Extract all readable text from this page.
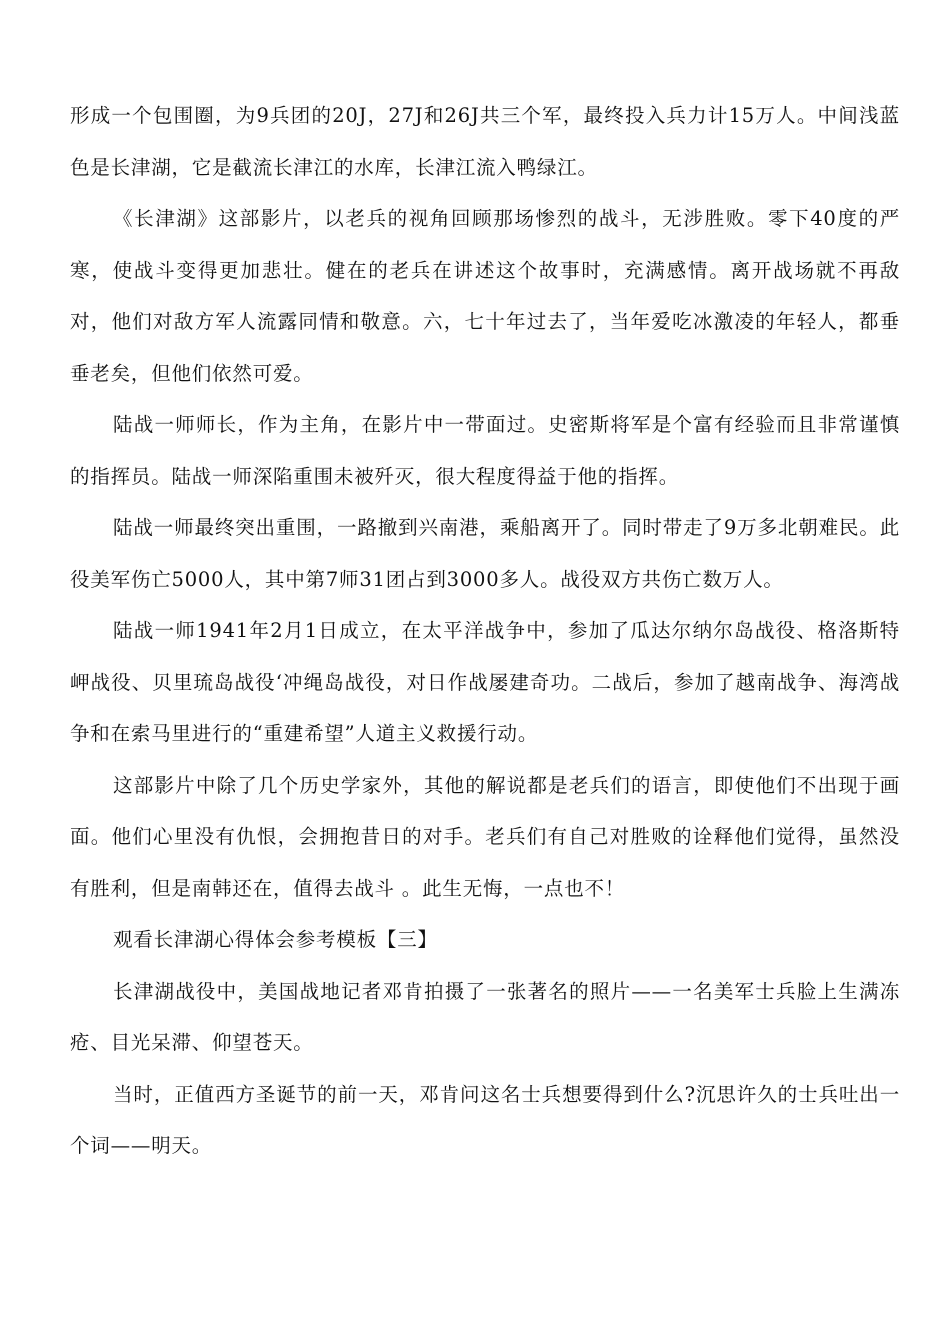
形成一个包围圈，为9兵团的20J，27J和26J共三个军，最终投入兵力计15万人。中间浅蓝色是长津湖，它是截流长津江的水库，长津江流入鸭绿江。

《长津湖》这部影片，以老兵的视角回顾那场惨烈的战斗，无涉胜败。零下40度的严寒，使战斗变得更加悲壮。健在的老兵在讲述这个故事时，充满感情。离开战场就不再敌对，他们对敌方军人流露同情和敬意。六，七十年过去了，当年爱吃冰激凌的年轻人，都垂垂老矣，但他们依然可爱。

陆战一师师长，作为主角，在影片中一带面过。史密斯将军是个富有经验而且非常谨慎的指挥员。陆战一师深陷重围未被歼灭，很大程度得益于他的指挥。

陆战一师最终突出重围，一路撤到兴南港，乘船离开了。同时带走了9万多北朝难民。此役美军伤亡5000人，其中第7师31团占到3000多人。战役双方共伤亡数万人。

陆战一师1941年2月1日成立，在太平洋战争中，参加了瓜达尔纳尔岛战役、格洛斯特岬战役、贝里琉岛战役‘冲绳岛战役，对日作战屡建奇功。二战后，参加了越南战争、海湾战争和在索马里进行的“重建希望”人道主义救援行动。

这部影片中除了几个历史学家外，其他的解说都是老兵们的语言，即使他们不出现于画面。他们心里没有仇恨，会拥抱昔日的对手。老兵们有自己对胜败的诠释他们觉得，虽然没有胜利，但是南韩还在，值得去战斗 。此生无悔，一点也不！

观看长津湖心得体会参考模板【三】

长津湖战役中，美国战地记者邓肯拍摄了一张著名的照片——一名美军士兵脸上生满冻疮、目光呆滞、仰望苍天。

当时，正值西方圣诞节的前一天，邓肯问这名士兵想要得到什么?沉思许久的士兵吐出一个词——明天。
